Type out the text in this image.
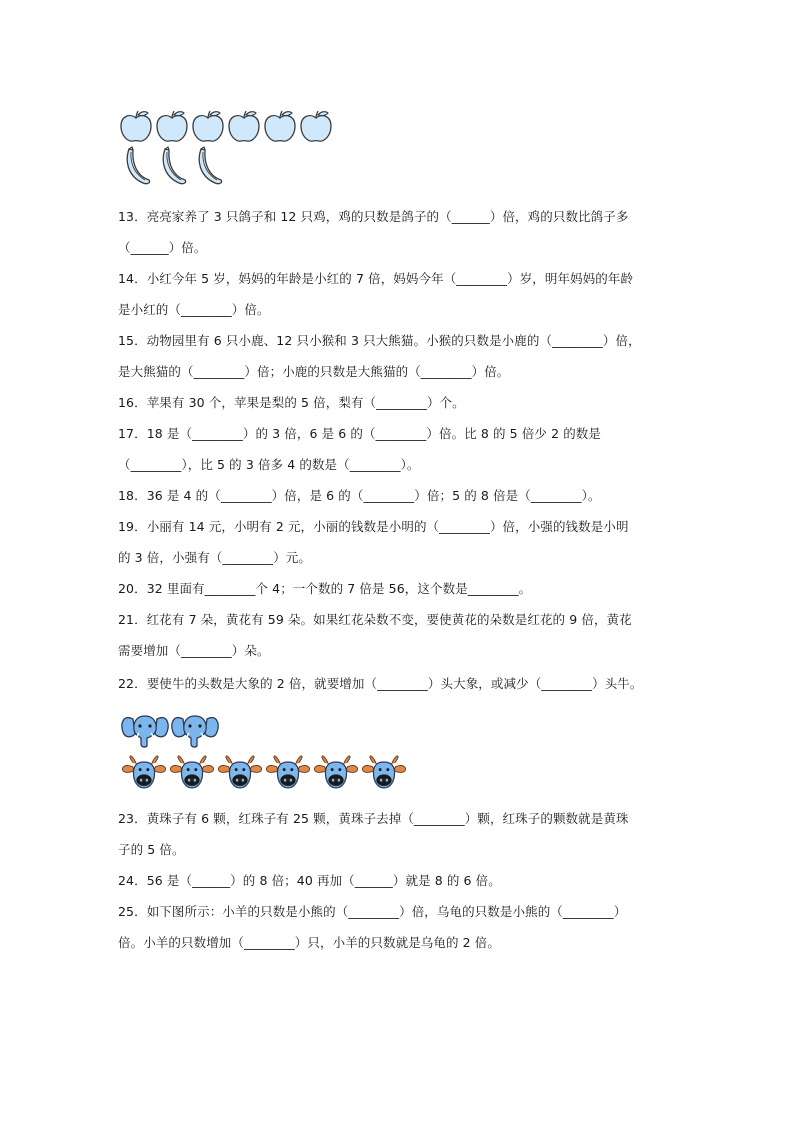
13．亮亮家养了 3 只鸽子和 12 只鸡，鸡的只数是鸽子的（______）倍，鸡的只数比鸽子多
（______）倍。
14．小红今年 5 岁，妈妈的年龄是小红的 7 倍，妈妈今年（________）岁，明年妈妈的年龄
是小红的（________）倍。
15．动物园里有 6 只小鹿、12 只小猴和 3 只大熊猫。小猴的只数是小鹿的（________）倍，
是大熊猫的（________）倍；小鹿的只数是大熊猫的（________）倍。
16．苹果有 30 个，苹果是梨的 5 倍，梨有（________）个。
17．18 是（________）的 3 倍，6 是 6 的（________）倍。比 8 的 5 倍少 2 的数是
（________），比 5 的 3 倍多 4 的数是（________）。
18．36 是 4 的（________）倍，是 6 的（________）倍；5 的 8 倍是（________）。
19．小丽有 14 元，小明有 2 元，小丽的钱数是小明的（________）倍，小强的钱数是小明
的 3 倍，小强有（________）元。
20．32 里面有________个 4；一个数的 7 倍是 56，这个数是________。
21．红花有 7 朵，黄花有 59 朵。如果红花朵数不变，要使黄花的朵数是红花的 9 倍，黄花
需要增加（________）朵。
22．要使牛的头数是大象的 2 倍，就要增加（________）头大象，或减少（________）头牛。
23．黄珠子有 6 颗，红珠子有 25 颗，黄珠子去掉（________）颗，红珠子的颗数就是黄珠
子的 5 倍。
24．56 是（______）的 8 倍；40 再加（______）就是 8 的 6 倍。
25．如下图所示：小羊的只数是小熊的（________）倍，乌龟的只数是小熊的（________）
倍。小羊的只数增加（________）只，小羊的只数就是乌龟的 2 倍。
